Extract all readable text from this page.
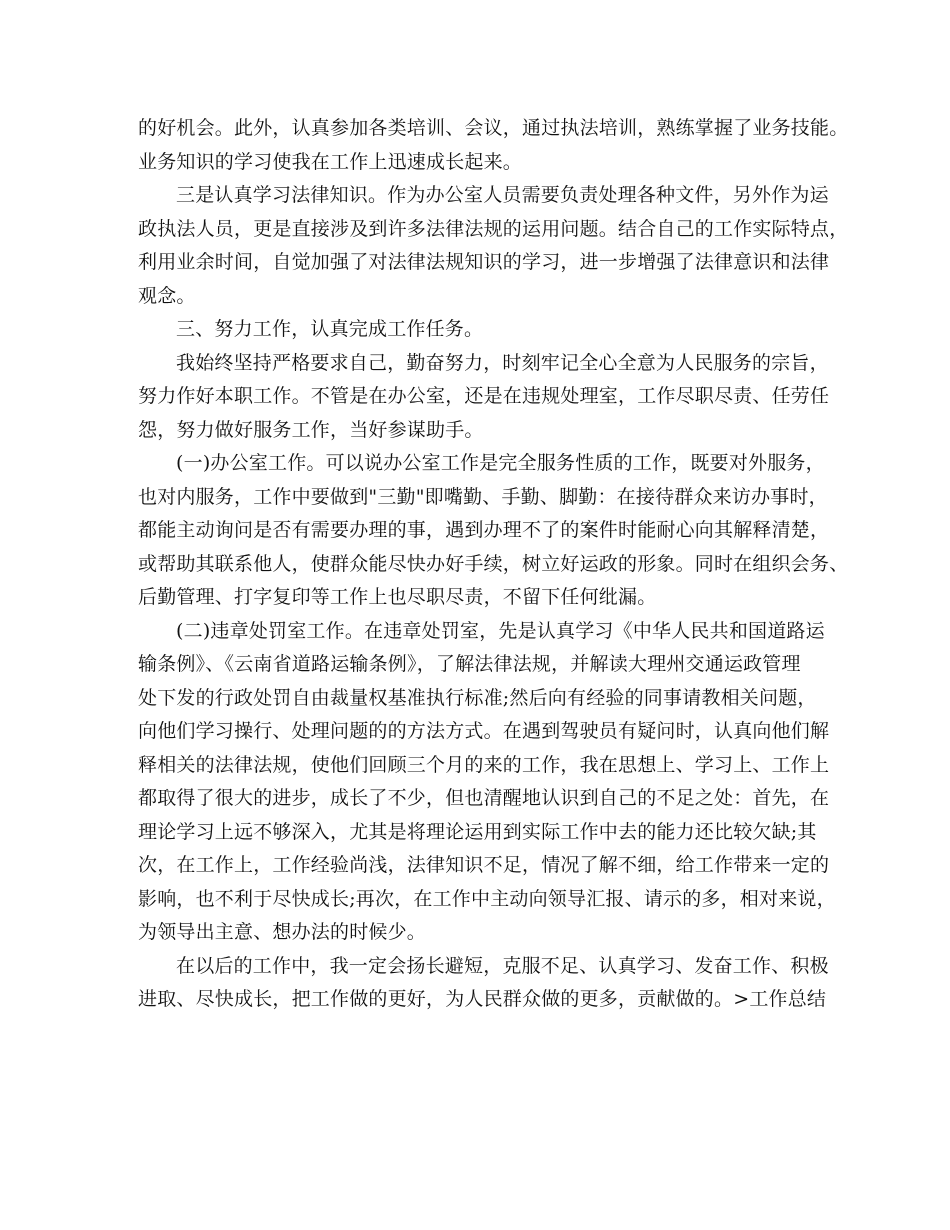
的好机会。此外，认真参加各类培训、会议，通过执法培训，熟练掌握了业务技能。
业务知识的学习使我在工作上迅速成长起来。

三是认真学习法律知识。作为办公室人员需要负责处理各种文件，另外作为运
政执法人员，更是直接涉及到许多法律法规的运用问题。结合自己的工作实际特点，
利用业余时间，自觉加强了对法律法规知识的学习，进一步增强了法律意识和法律
观念。

三、努力工作，认真完成工作任务。

我始终坚持严格要求自己，勤奋努力，时刻牢记全心全意为人民服务的宗旨，
努力作好本职工作。不管是在办公室，还是在违规处理室，工作尽职尽责、任劳任
怨，努力做好服务工作，当好参谋助手。

(一)办公室工作。可以说办公室工作是完全服务性质的工作，既要对外服务，
也对内服务，工作中要做到"三勤"即嘴勤、手勤、脚勤：在接待群众来访办事时，
都能主动询问是否有需要办理的事，遇到办理不了的案件时能耐心向其解释清楚，
或帮助其联系他人，使群众能尽快办好手续，树立好运政的形象。同时在组织会务、
后勤管理、打字复印等工作上也尽职尽责，不留下任何纰漏。

(二)违章处罚室工作。在违章处罚室，先是认真学习《中华人民共和国道路运
输条例》、《云南省道路运输条例》，了解法律法规，并解读大理州交通运政管理
处下发的行政处罚自由裁量权基准执行标准;然后向有经验的同事请教相关问题，
向他们学习操行、处理问题的的方法方式。在遇到驾驶员有疑问时，认真向他们解
释相关的法律法规，使他们回顾三个月的来的工作，我在思想上、学习上、工作上
都取得了很大的进步，成长了不少，但也清醒地认识到自己的不足之处：首先，在
理论学习上远不够深入，尤其是将理论运用到实际工作中去的能力还比较欠缺;其
次，在工作上，工作经验尚浅，法律知识不足，情况了解不细，给工作带来一定的
影响，也不利于尽快成长;再次，在工作中主动向领导汇报、请示的多，相对来说，
为领导出主意、想办法的时候少。

在以后的工作中，我一定会扬长避短，克服不足、认真学习、发奋工作、积极
进取、尽快成长，把工作做的更好，为人民群众做的更多，贡献做的。>工作总结
